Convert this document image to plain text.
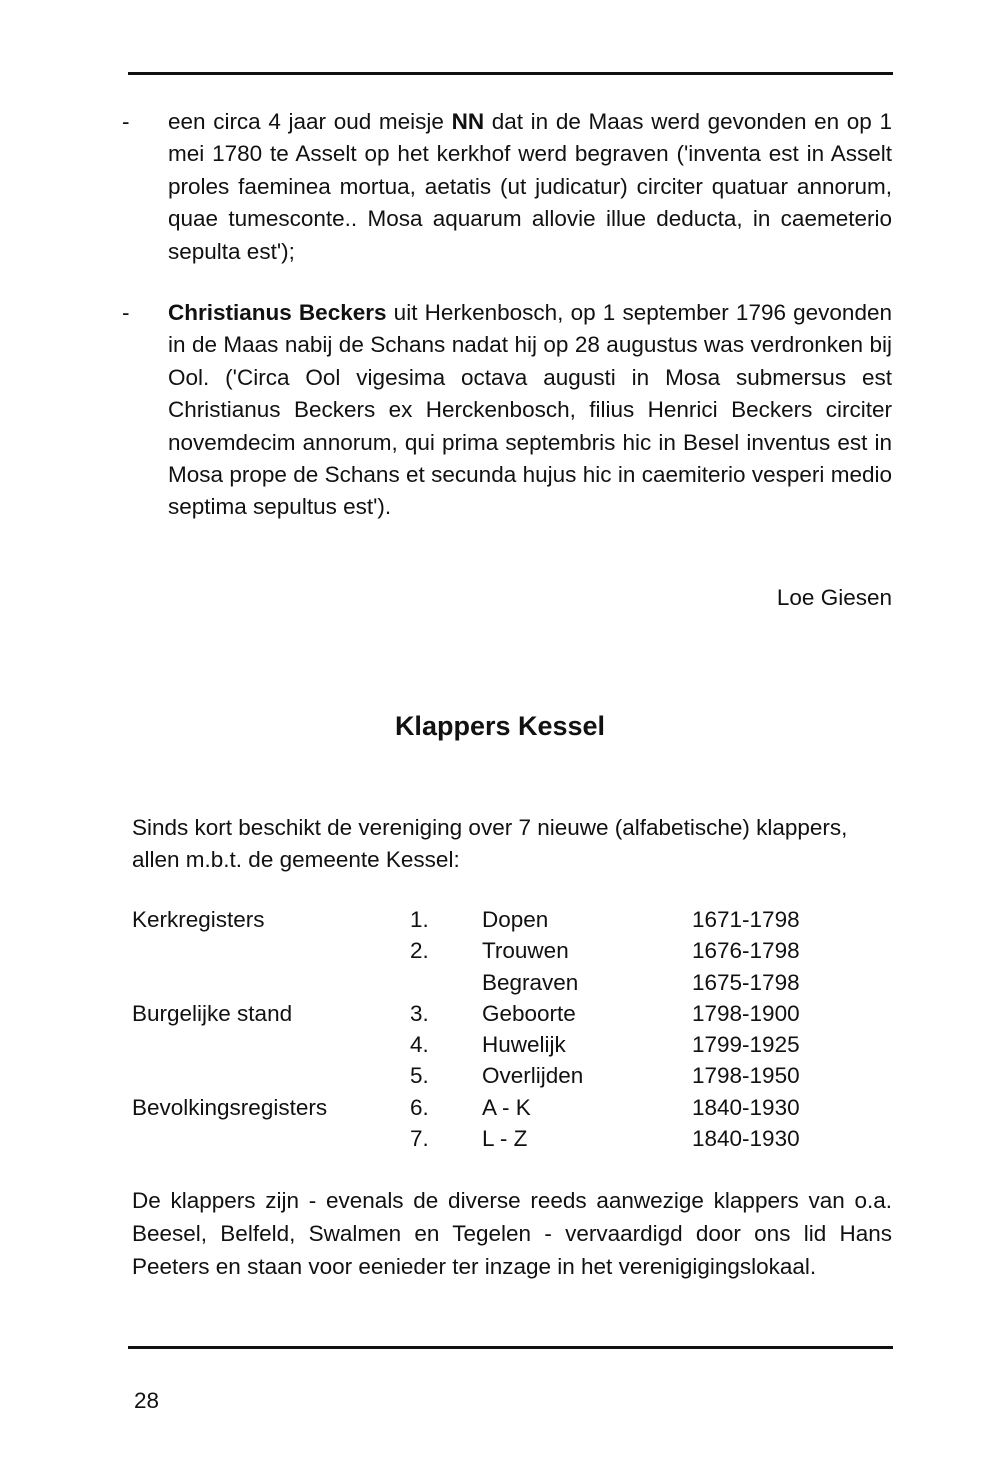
- een circa 4 jaar oud meisje NN dat in de Maas werd gevonden en op 1 mei 1780 te Asselt op het kerkhof werd begraven ('inventa est in Asselt proles faeminea mortua, aetatis (ut judicatur) circiter quatuar annorum, quae tumesconte.. Mosa aquarum allovie illue deducta, in caemeterio sepulta est');
- Christianus Beckers uit Herkenbosch, op 1 september 1796 gevonden in de Maas nabij de Schans nadat hij op 28 augustus was verdronken bij Ool. ('Circa Ool vigesima octava augusti in Mosa submersus est Christianus Beckers ex Herckenbosch, filius Henrici Beckers circiter novemdecim annorum, qui prima septembris hic in Besel inventus est in Mosa prope de Schans et secunda hujus hic in caemiterio vesperi medio septima sepultus est').
Loe Giesen
Klappers Kessel
Sinds kort beschikt de vereniging over 7 nieuwe (alfabetische) klappers, allen m.b.t. de gemeente Kessel:
Kerkregisters	1. Dopen	1671-1798
2. Trouwen	1676-1798
Begraven	1675-1798
Burgelijke stand	3. Geboorte	1798-1900
4. Huwelijk	1799-1925
5. Overlijden	1798-1950
Bevolkingsregisters	6. A - K	1840-1930
7. L - Z	1840-1930
De klappers zijn - evenals de diverse reeds aanwezige klappers van o.a. Beesel, Belfeld, Swalmen en Tegelen - vervaardigd door ons lid Hans Peeters en staan voor eenieder ter inzage in het verenigigingslokaal.
28
